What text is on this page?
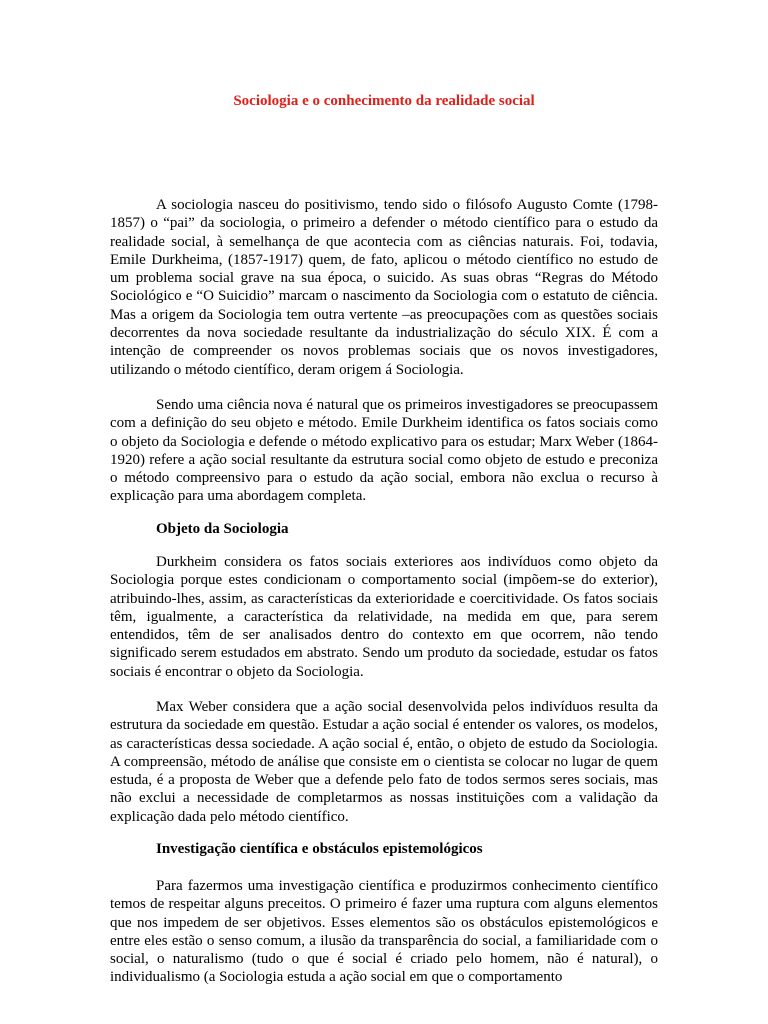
Sociologia e o conhecimento da realidade social

A sociologia nasceu do positivismo, tendo sido o filósofo Augusto Comte (1798-1857) o “pai” da sociologia, o primeiro a defender o método científico para o estudo da realidade social, à semelhança de que acontecia com as ciências naturais. Foi, todavia, Emile Durkheima, (1857-1917) quem, de fato, aplicou o método científico no estudo de um problema social grave na sua época, o suicido. As suas obras “Regras do Método Sociológico e “O Suicidio” marcam o nascimento da Sociologia com o estatuto de ciência. Mas a origem da Sociologia tem outra vertente –as preocupações com as questões sociais decorrentes da nova sociedade resultante da industrialização do século XIX. É com a intenção de compreender os novos problemas sociais que os novos investigadores, utilizando o método científico, deram origem á Sociologia.

Sendo uma ciência nova é natural que os primeiros investigadores se preocupassem com a definição do seu objeto e método. Emile Durkheim identifica os fatos sociais como o objeto da Sociologia e defende o método explicativo para os estudar; Marx Weber (1864-1920) refere a ação social resultante da estrutura social como objeto de estudo e preconiza o método compreensivo para o estudo da ação social, embora não exclua o recurso à explicação para uma abordagem completa.

Objeto da Sociologia

Durkheim considera os fatos sociais exteriores aos indivíduos como objeto da Sociologia porque estes condicionam o comportamento social (impõem-se do exterior), atribuindo-lhes, assim, as características da exterioridade e coercitividade. Os fatos sociais têm, igualmente, a característica da relatividade, na medida em que, para serem entendidos, têm de ser analisados dentro do contexto em que ocorrem, não tendo significado serem estudados em abstrato. Sendo um produto da sociedade, estudar os fatos sociais é encontrar o objeto da Sociologia.

Max Weber considera que a ação social desenvolvida pelos indivíduos resulta da estrutura da sociedade em questão. Estudar a ação social é entender os valores, os modelos, as características dessa sociedade. A ação social é, então, o objeto de estudo da Sociologia. A compreensão, método de análise que consiste em o cientista se colocar no lugar de quem estuda, é a proposta de Weber que a defende pelo fato de todos sermos seres sociais, mas não exclui a necessidade de completarmos as nossas instituições com a validação da explicação dada pelo método científico.

Investigação científica e obstáculos epistemológicos

Para fazermos uma investigação científica e produzirmos conhecimento científico temos de respeitar alguns preceitos. O primeiro é fazer uma ruptura com alguns elementos que nos impedem de ser objetivos. Esses elementos são os obstáculos epistemológicos e entre eles estão o senso comum, a ilusão da transparência do social, a familiaridade com o social, o naturalismo (tudo o que é social é criado pelo homem, não é natural), o individualismo (a Sociologia estuda a ação social em que o comportamento
